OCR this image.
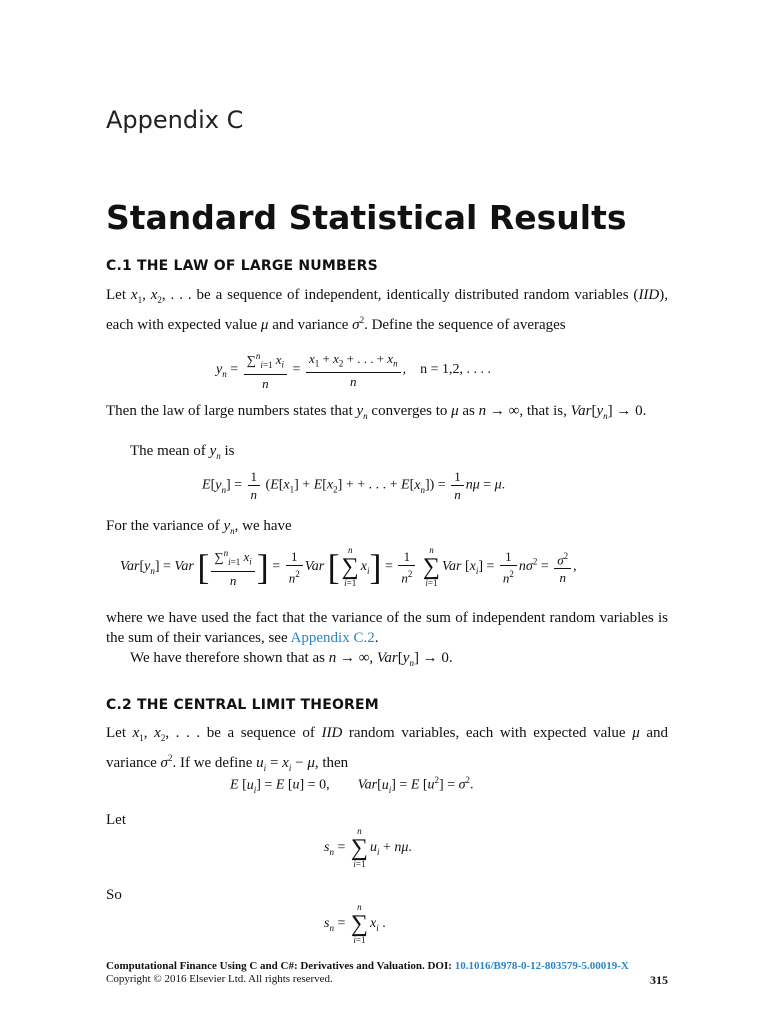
Appendix C
Standard Statistical Results
C.1 THE LAW OF LARGE NUMBERS

Let $x_1$, $x_2$, . . . be a sequence of independent, identically distributed random variables (IID), each with expected value μ and variance $\sigma^2$. Define the sequence of averages

$y_n = \frac{\sum^n_{i=1} x_i}{n} = \frac{x_1 + x_2 + . . . + x_n}{n}$ ,    n = 1,2, . . . .

Then the law of large numbers states that $y_n$ converges to μ as n → ∞, that is, $Var[y_n] \to 0$.

The mean of $y_n$ is

$E[y_n] = \frac{1}{n} (E[x_1] + E[x_2]$ + + . . . + $E[x_n]) = \frac{1}{n}$ nμ = μ.

For the variance of $y_n$, we have

$Var[y_n]$ = Var [ $\frac{\sum^n_{i=1} x_i}{n}$ ] = $\frac{1}{n^2}$ Var [ n
∑
i=1
$x_i] = \frac{1}{n^2}$
	n
∑
i=1
Var $[x_i] = \frac{1}{n^2} n\sigma^2 = \frac{\sigma^2}{n}$ ,

where we have used the fact that the variance of the sum of independent random variables is the sum of their variances, see Appendix C.2.

We have therefore shown that as n → ∞, $Var[y_n] \to 0$.

C.2 THE CENTRAL LIMIT THEOREM

Let $x_1$, $x_2$, . . . be a sequence of IID random variables, each with expected value μ and variance $\sigma^2$. If we define $u_i = x_i - \mu$, then

E $[u_i] = E$ [u] = 0,        $Var[u_i] = E$ $[u^2] = \sigma^2$.

Let

$s_n$ =
n
∑
i=1
$u_i + n\mu$.

So

$s_n$ =
n
∑
i=1
$x_i$ .
Computational Finance Using C and C#: Derivatives and Valuation. DOI: 10.1016/B978-0-12-803579-5.00019-X
Copyright © 2016 Elsevier Ltd. All rights reserved.	315
